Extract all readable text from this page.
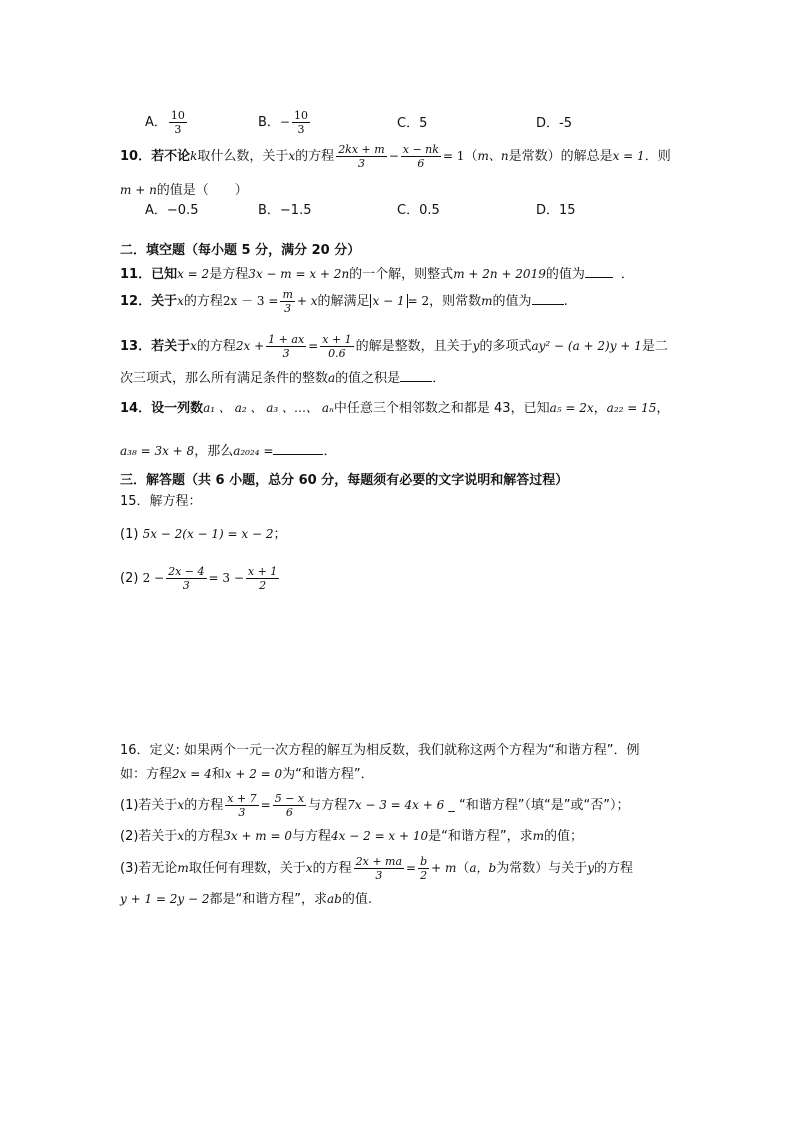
A． $\frac{10}{3}$	B．− $\frac{10}{3}$	C．5	D．-5
10．若不论k取什么数，关于x的方程 $\frac{2kx + m}{3} - \frac{x - nk}{6} = 1(m$、n是常数）的解总是x = 1．则
m + n的值是（　　）
A．−0.5	B．−1.5	C．0.5	D．15
二．填空题（每小题 5 分，满分 20 分）
11．已知x = 2是方程3x − m = x + 2n的一个解，则整式m + 2n + 2019的值为	．
12．关于x的方程$2x - 3 = \frac{m}{3} + x$的解满足 x − 1 = 2，则常数m的值为 .
13．若关于x的方程$2x + \frac{1 + ax}{3} = \frac{x + 1}{0.6}$ 的解是整数，且关于y的多项式ay² − (a + 2)y + 1是二
次三项式，那么所有满足条件的整数a的值之积是 ．
14．设一列数a₁ 、 a₂ 、 a₃ 、…、 aₙ中任意三个相邻数之和都是 43，已知a₅ = 2x，a₂₂ = 15，
a₃₈ = 3x + 8，那么a₂₀₂₄ =	．
三．解答题（共 6 小题，总分 60 分，每题须有必要的文字说明和解答过程）
15．解方程：
(1) 5x − 2(x − 1) = x − 2；
(2) $2 - \frac{2x - 4}{3} = 3 - \frac{x + 1}{2}$
16．定义: 如果两个一元一次方程的解互为相反数，我们就称这两个方程为“和谐方程”．例
如：方程2x = 4和x + 2 = 0为“和谐方程”．
(1)若关于x的方程 $\frac{x + 7}{3} = \frac{5 - x}{6}$ 与方程7x − 3 = 4x + 6 _ “和谐方程”（填“是”或“否”）；
(2)若关于x的方程3x + m = 0与方程4x − 2 = x + 10是“和谐方程”，求m的值；
(3)若无论m取任何有理数，关于x的方程 $\frac{2x + ma}{3} = \frac{b}{2} + m(a$，b为常数）与关于y的方程
y + 1 = 2y − 2都是“和谐方程”，求ab的值.
